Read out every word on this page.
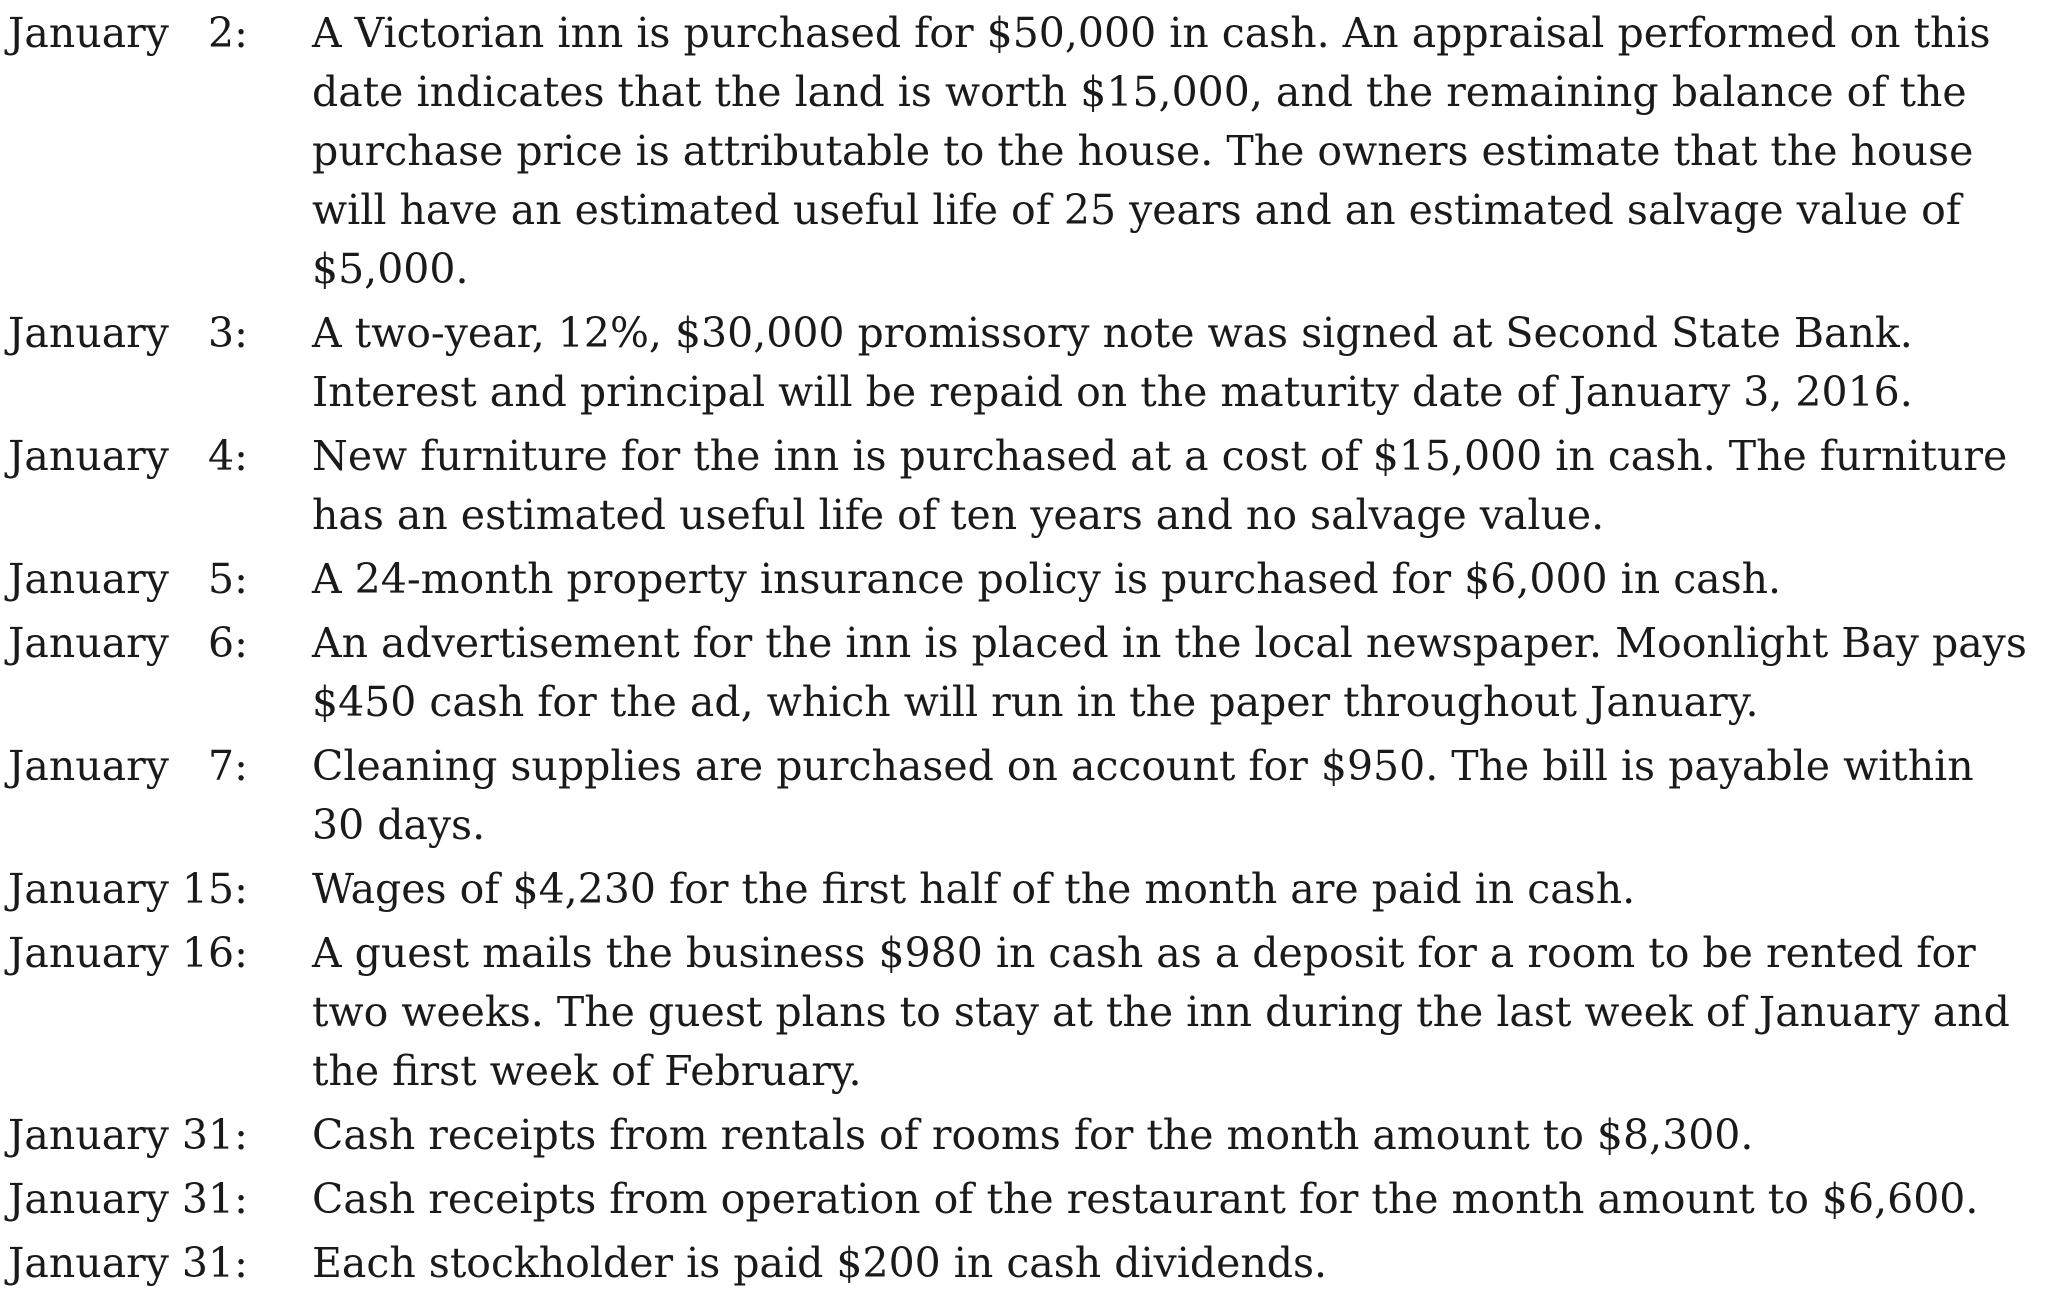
January   2:	A Victorian inn is purchased for $50,000 in cash. An appraisal performed on this date indicates that the land is worth $15,000, and the remaining balance of the purchase price is attributable to the house. The owners estimate that the house will have an estimated useful life of 25 years and an estimated salvage value of $5,000.
January   3:	A two-year, 12%, $30,000 promissory note was signed at Second State Bank. Interest and principal will be repaid on the maturity date of January 3, 2016.
January   4:	New furniture for the inn is purchased at a cost of $15,000 in cash. The furniture has an estimated useful life of ten years and no salvage value.
January   5:	A 24-month property insurance policy is purchased for $6,000 in cash.
January   6:	An advertisement for the inn is placed in the local newspaper. Moonlight Bay pays $450 cash for the ad, which will run in the paper throughout January.
January   7:	Cleaning supplies are purchased on account for $950. The bill is payable within 30 days.
January 15:	Wages of $4,230 for the first half of the month are paid in cash.
January 16:	A guest mails the business $980 in cash as a deposit for a room to be rented for two weeks. The guest plans to stay at the inn during the last week of January and the first week of February.
January 31:	Cash receipts from rentals of rooms for the month amount to $8,300.
January 31:	Cash receipts from operation of the restaurant for the month amount to $6,600.
January 31:	Each stockholder is paid $200 in cash dividends.
